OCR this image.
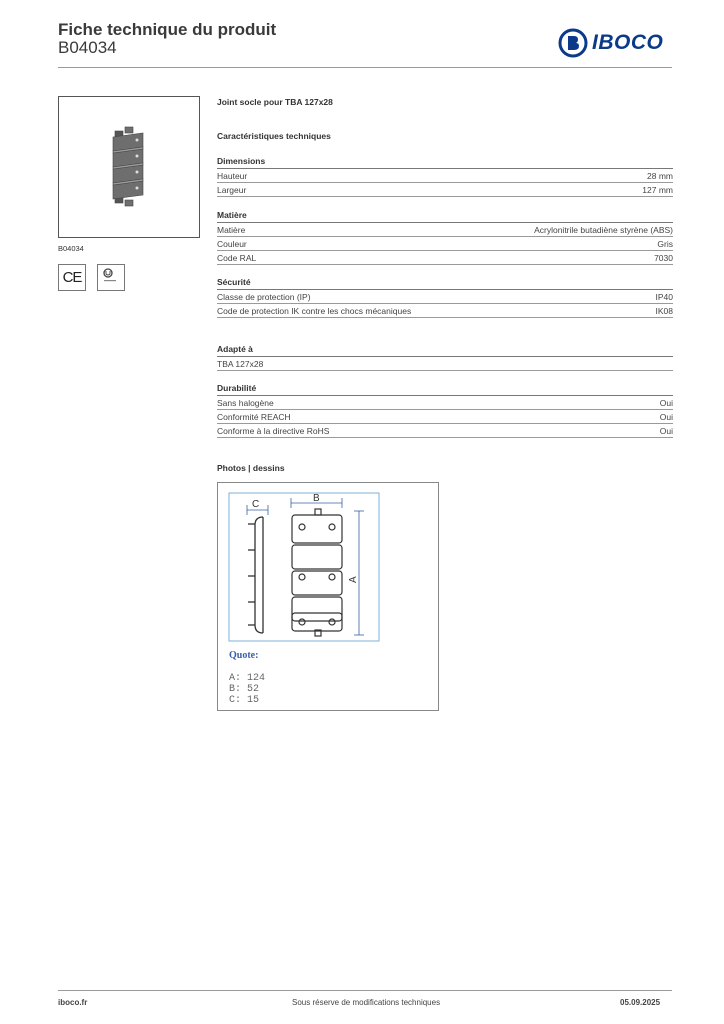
Fiche technique du produit
B04034	IBOCO
B04034
CE
Joint socle pour TBA 127x28
Caractéristiques techniques
Dimensions
Hauteur	28 mm
Largeur	127 mm
Matière
Matière	Acrylonitrile butadiène styrène (ABS)
Couleur	Gris
Code RAL	7030
Sécurité
Classe de protection (IP)	IP40
Code de protection IK contre les chocs mécaniques	IK08
Adapté à
TBA 127x28
Durabilité
Sans halogène	Oui
Conformité REACH	Oui
Conforme à la directive RoHS	Oui
Photos | dessins
C
B
A
Quote:
A: 124
B: 52
C: 15
iboco.fr	Sous réserve de modifications techniques	05.09.2025
